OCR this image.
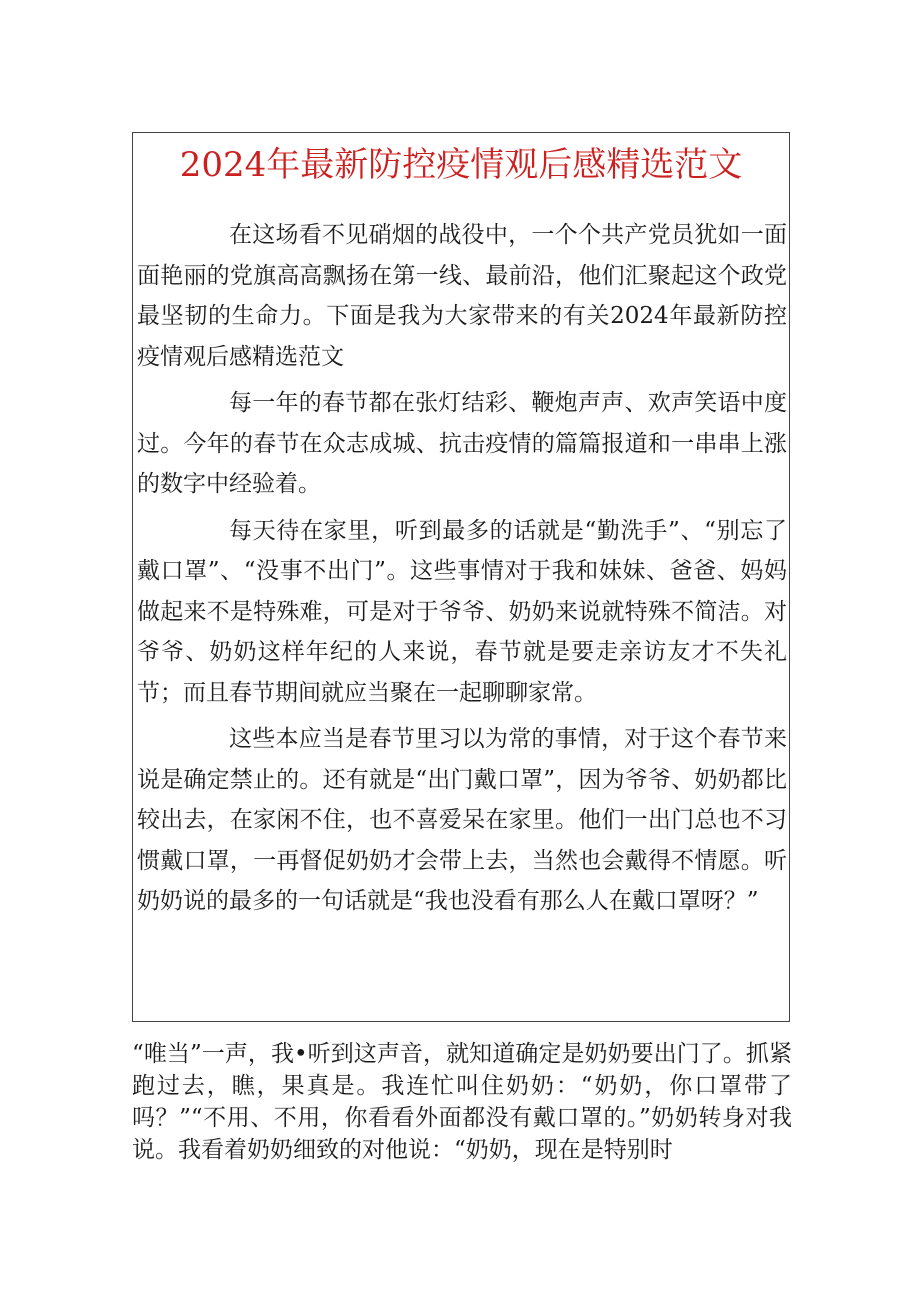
2024年最新防控疫情观后感精选范文

在这场看不见硝烟的战役中，一个个共产党员犹如一面面艳丽的党旗高高飘扬在第一线、最前沿，他们汇聚起这个政党最坚韧的生命力。下面是我为大家带来的有关2024年最新防控疫情观后感精选范文

每一年的春节都在张灯结彩、鞭炮声声、欢声笑语中度过。今年的春节在众志成城、抗击疫情的篇篇报道和一串串上涨的数字中经验着。

每天待在家里，听到最多的话就是“勤洗手”、“别忘了戴口罩”、“没事不出门”。这些事情对于我和妹妹、爸爸、妈妈做起来不是特殊难，可是对于爷爷、奶奶来说就特殊不简洁。对爷爷、奶奶这样年纪的人来说，春节就是要走亲访友才不失礼节；而且春节期间就应当聚在一起聊聊家常。

这些本应当是春节里习以为常的事情，对于这个春节来说是确定禁止的。还有就是“出门戴口罩”，因为爷爷、奶奶都比较出去，在家闲不住，也不喜爱呆在家里。他们一出门总也不习惯戴口罩，一再督促奶奶才会带上去，当然也会戴得不情愿。听奶奶说的最多的一句话就是“我也没看有那么人在戴口罩呀？”

“唯当”一声，我•听到这声音，就知道确定是奶奶要出门了。抓紧跑过去，瞧，果真是。我连忙叫住奶奶：“奶奶，你口罩带了吗？”“不用、不用，你看看外面都没有戴口罩的。”奶奶转身对我说。我看着奶奶细致的对他说：“奶奶，现在是特别时
